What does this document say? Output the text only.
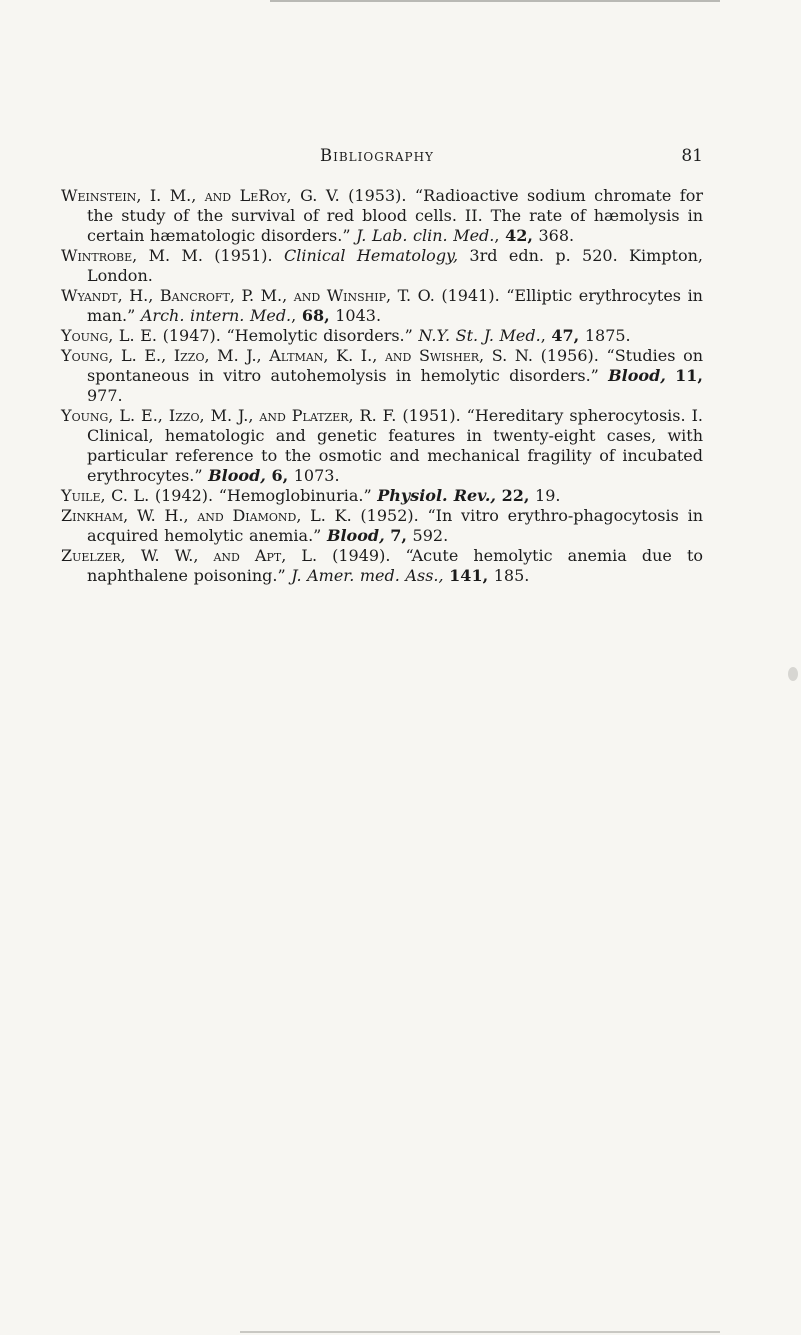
Bibliography	81

Weinstein, I. M., and LeRoy, G. V. (1953). “Radioactive sodium chromate for the study of the survival of red blood cells. II. The rate of hæmolysis in certain hæmatologic disorders.” J. Lab. clin. Med., 42, 368.

Wintrobe, M. M. (1951). Clinical Hematology, 3rd edn. p. 520. Kimpton, London.

Wyandt, H., Bancroft, P. M., and Winship, T. O. (1941). “Elliptic erythrocytes in man.” Arch. intern. Med., 68, 1043.

Young, L. E. (1947). “Hemolytic disorders.” N.Y. St. J. Med., 47, 1875.

Young, L. E., Izzo, M. J., Altman, K. I., and Swisher, S. N. (1956). “Studies on spontaneous in vitro autohemolysis in hemolytic disorders.” Blood, 11, 977.

Young, L. E., Izzo, M. J., and Platzer, R. F. (1951). “Hereditary spherocytosis. I. Clinical, hematologic and genetic features in twenty-eight cases, with particular reference to the osmotic and mechanical fragility of incubated erythrocytes.” Blood, 6, 1073.

Yuile, C. L. (1942). “Hemoglobinuria.” Physiol. Rev., 22, 19.

Zinkham, W. H., and Diamond, L. K. (1952). “In vitro erythro-phagocytosis in acquired hemolytic anemia.” Blood, 7, 592.

Zuelzer, W. W., and Apt, L. (1949). “Acute hemolytic anemia due to naphthalene poisoning.” J. Amer. med. Ass., 141, 185.
